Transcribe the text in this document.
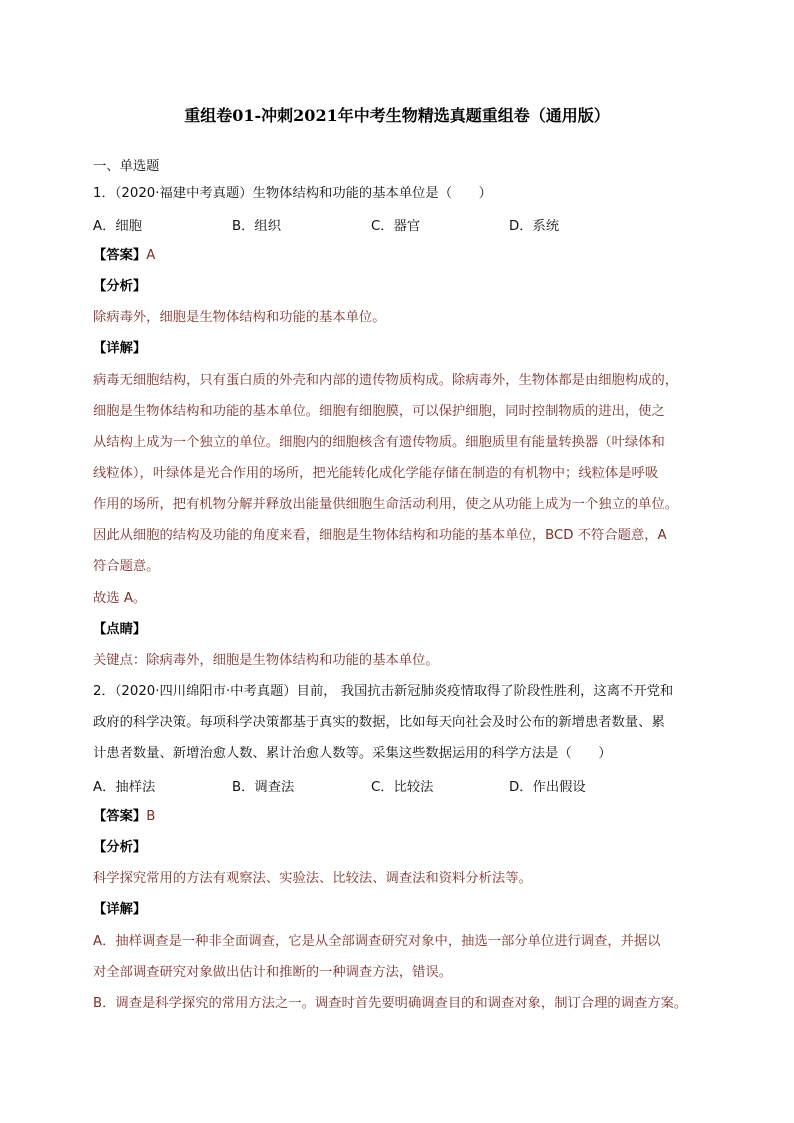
重组卷01-冲刺2021年中考生物精选真题重组卷（通用版）
一、单选题
1．（2020·福建中考真题）生物体结构和功能的基本单位是（　　）
A．细胞	B．组织	C．器官	D．系统
【答案】A
【分析】
除病毒外，细胞是生物体结构和功能的基本单位。
【详解】
病毒无细胞结构，只有蛋白质的外壳和内部的遗传物质构成。除病毒外，生物体都是由细胞构成的，
细胞是生物体结构和功能的基本单位。细胞有细胞膜，可以保护细胞，同时控制物质的进出，使之
从结构上成为一个独立的单位。细胞内的细胞核含有遗传物质。细胞质里有能量转换器（叶绿体和
线粒体），叶绿体是光合作用的场所，把光能转化成化学能存储在制造的有机物中；线粒体是呼吸
作用的场所，把有机物分解并释放出能量供细胞生命活动利用，使之从功能上成为一个独立的单位。
因此从细胞的结构及功能的角度来看，细胞是生物体结构和功能的基本单位，BCD 不符合题意，A
符合题意。
故选 A。
【点睛】
关键点：除病毒外，细胞是生物体结构和功能的基本单位。
2．（2020·四川绵阳市·中考真题）目前， 我国抗击新冠肺炎疫情取得了阶段性胜利，这离不开党和
政府的科学决策。每项科学决策都基于真实的数据，比如每天向社会及时公布的新增患者数量、累
计患者数量、新增治愈人数、累计治愈人数等。采集这些数据运用的科学方法是（　　）
A．抽样法	B．调查法	C．比较法	D．作出假设
【答案】B
【分析】
科学探究常用的方法有观察法、实验法、比较法、调查法和资料分析法等。
【详解】
A．抽样调查是一种非全面调查，它是从全部调查研究对象中，抽选一部分单位进行调查，并据以
对全部调查研究对象做出估计和推断的一种调查方法，错误。
B．调查是科学探究的常用方法之一。调查时首先要明确调查目的和调查对象，制订合理的调查方案。
